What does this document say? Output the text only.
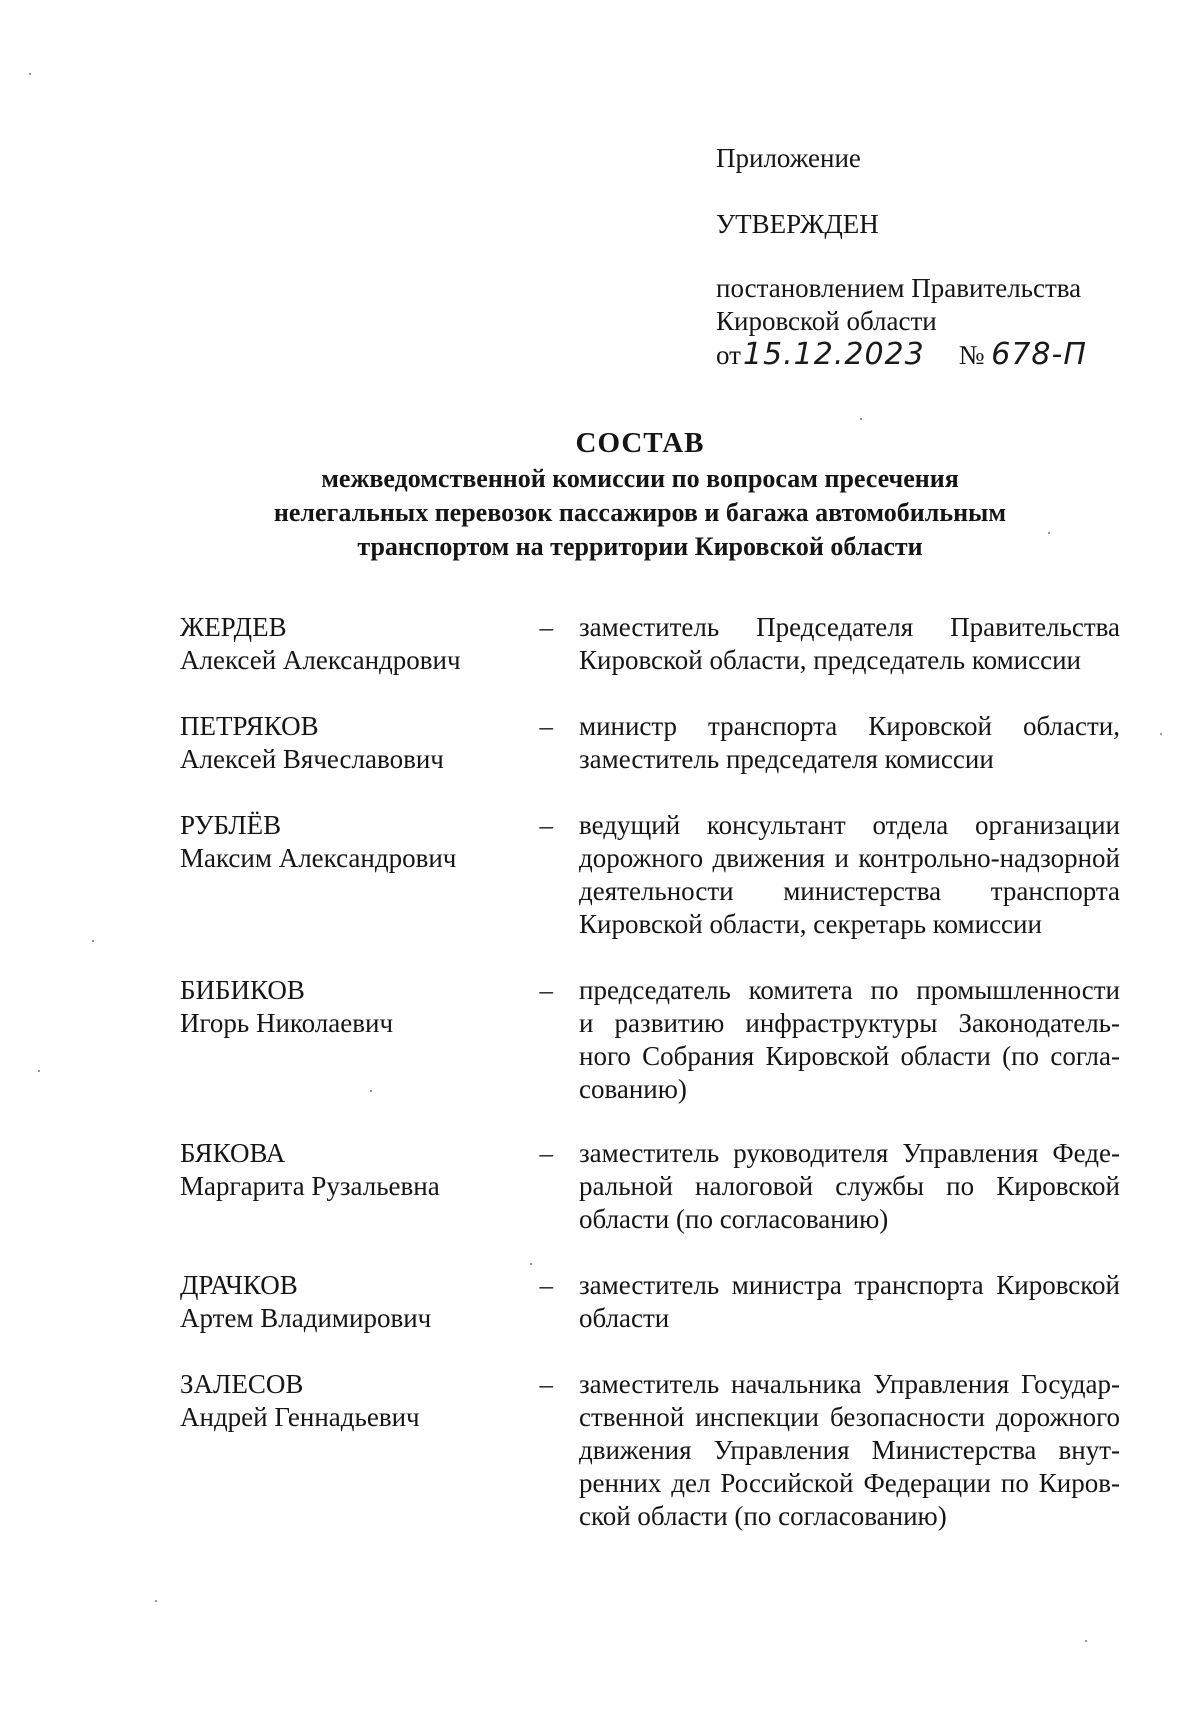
Приложение
УТВЕРЖДЕН
постановлением Правительства
Кировской области
от15.12.2023 № 678-П
СОСТАВ
межведомственной комиссии по вопросам пресечения
нелегальных перевозок пассажиров и багажа автомобильным
транспортом на территории Кировской области
ЖЕРДЕВ
Алексей Александрович
– заместитель Председателя Правительства
Кировской области, председатель комиссии
ПЕТРЯКОВ
Алексей Вячеславович
– министр транспорта Кировской области,
заместитель председателя комиссии
РУБЛЁВ
Максим Александрович
– ведущий консультант отдела организации
дорожного движения и контрольно-надзорной
деятельности министерства транспорта
Кировской области, секретарь комиссии
БИБИКОВ
Игорь Николаевич
– председатель комитета по промышленности
и развитию инфраструктуры Законодатель-
ного Собрания Кировской области (по согла-
сованию)
БЯКОВА
Маргарита Рузальевна
– заместитель руководителя Управления Феде-
ральной налоговой службы по Кировской
области (по согласованию)
ДРАЧКОВ
Артем Владимирович
– заместитель министра транспорта Кировской
области
ЗАЛЕСОВ
Андрей Геннадьевич
– заместитель начальника Управления Государ-
ственной инспекции безопасности дорожного
движения Управления Министерства внут-
ренних дел Российской Федерации по Киров-
ской области (по согласованию)
